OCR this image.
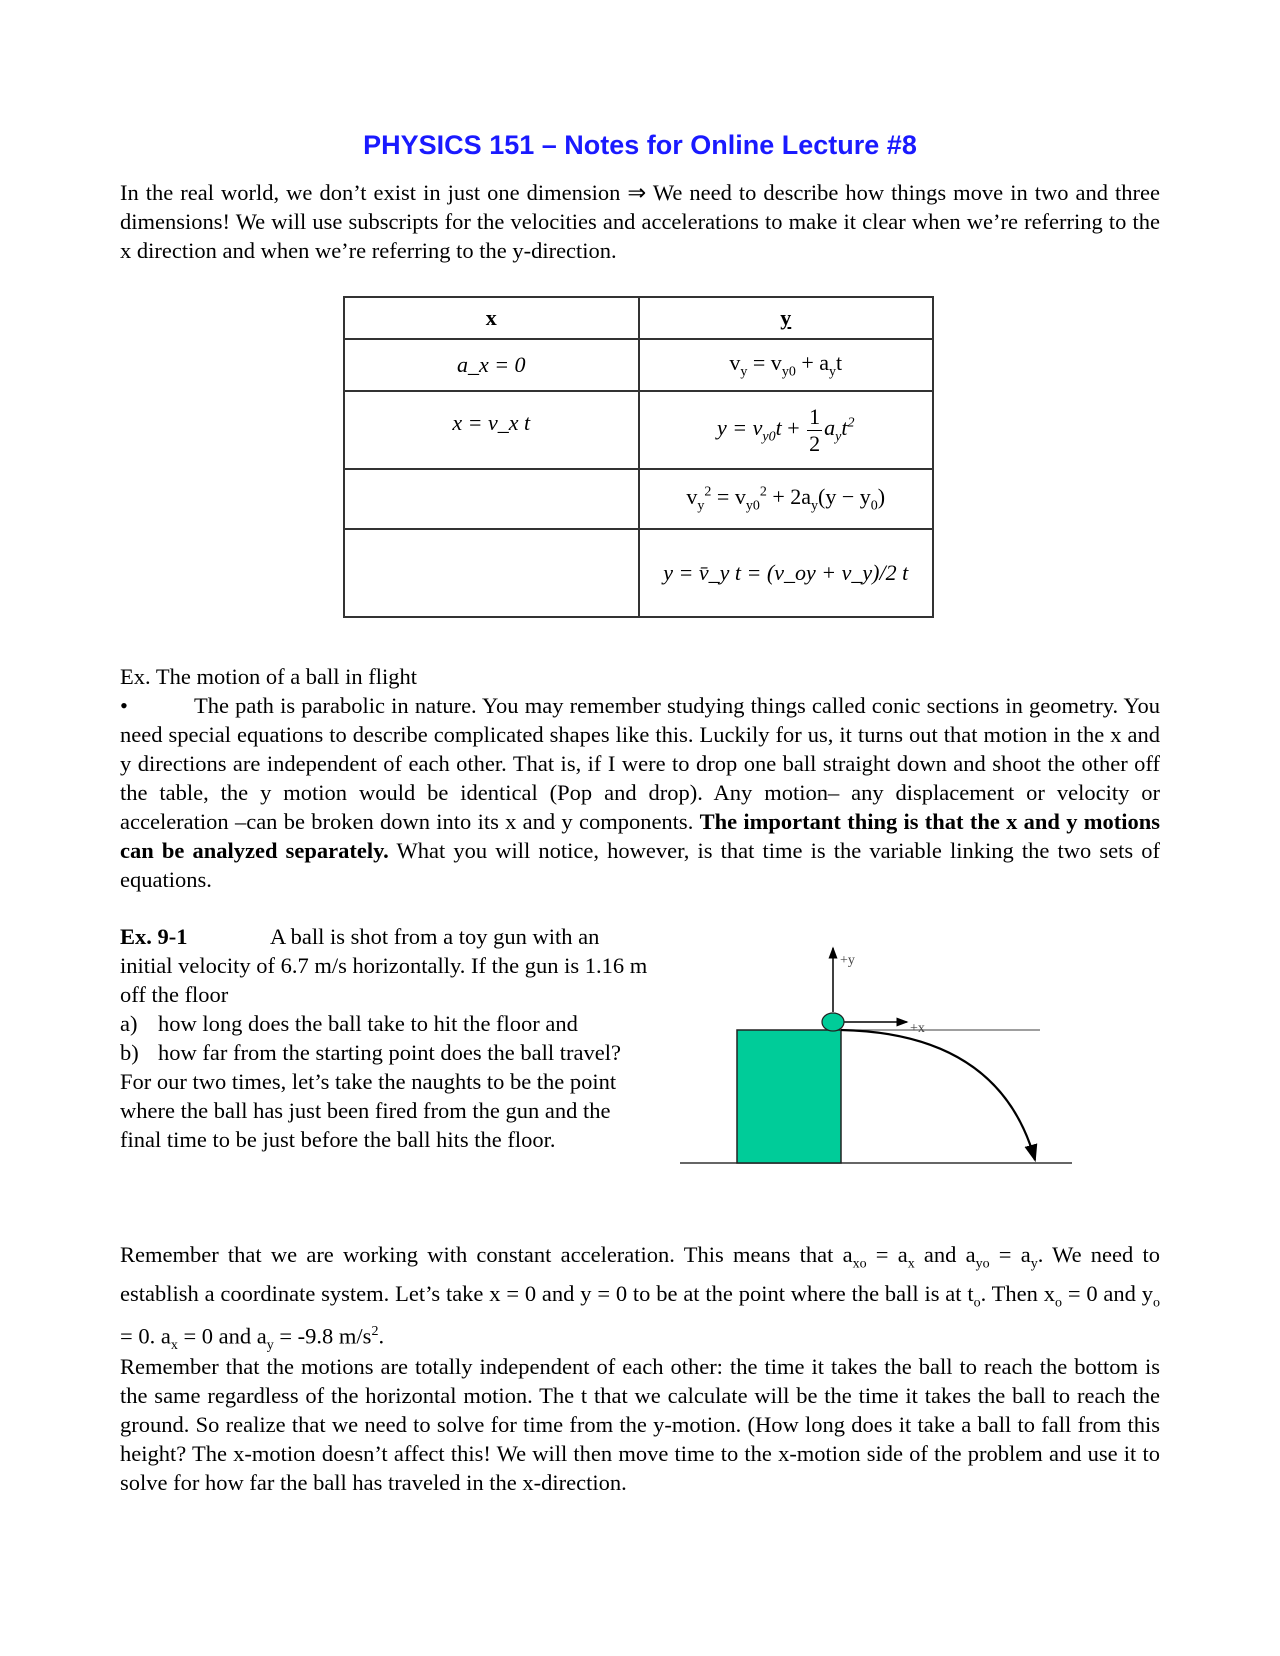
PHYSICS 151 – Notes for Online Lecture #8
In the real world, we don’t exist in just one dimension ⇒ We need to describe how things move in two and three dimensions! We will use subscripts for the velocities and accelerations to make it clear when we’re referring to the x direction and when we’re referring to the y-direction.
x	y
a_x = 0	$v_y = v_{y0} + a_yt$
x = v_x t	$y = v_{y0}t + \frac{1}{2} a_yt^2$
	$v_y^2 = v_{y0}^2 + 2a_y(y - y_0)$
	y = v̄_y t = (v_oy + v_y)/2 t

Ex. The motion of a ball in flight

•	The path is parabolic in nature. You may remember studying things called conic sections in geometry. You need special equations to describe complicated shapes like this. Luckily for us, it turns out that motion in the x and y directions are independent of each other. That is, if I were to drop one ball straight down and shoot the other off the table, the y motion would be identical (Pop and drop). Any motion– any displacement or velocity or acceleration –can be broken down into its x and y components. The important thing is that the x and y motions can be analyzed separately. What you will notice, however, is that time is the variable linking the two sets of equations.

Ex. 9-1	A ball is shot from a toy gun with an initial velocity of 6.7 m/s horizontally. If the gun is 1.16 m off the floor

a) how long does the ball take to hit the floor and
b) how far from the starting point does the ball travel?

For our two times, let’s take the naughts to be the point where the ball has just been fired from the gun and the final time to be just before the ball hits the floor.

+y
+x
Remember that we are working with constant acceleration. This means that $a_{xo} = a_x$ and $a_{yo} = a_y$. We need to establish a coordinate system. Let’s take x = 0 and y = 0 to be at the point where the ball is at $t_o$. Then $x_o = 0$ and $y_o = 0$. $a_x = 0$ and $a_y = -9.8$ $m/s^2$.
Remember that the motions are totally independent of each other: the time it takes the ball to reach the bottom is the same regardless of the horizontal motion. The t that we calculate will be the time it takes the ball to reach the ground. So realize that we need to solve for time from the y-motion. (How long does it take a ball to fall from this height? The x-motion doesn’t affect this! We will then move time to the x-motion side of the problem and use it to solve for how far the ball has traveled in the x-direction.
